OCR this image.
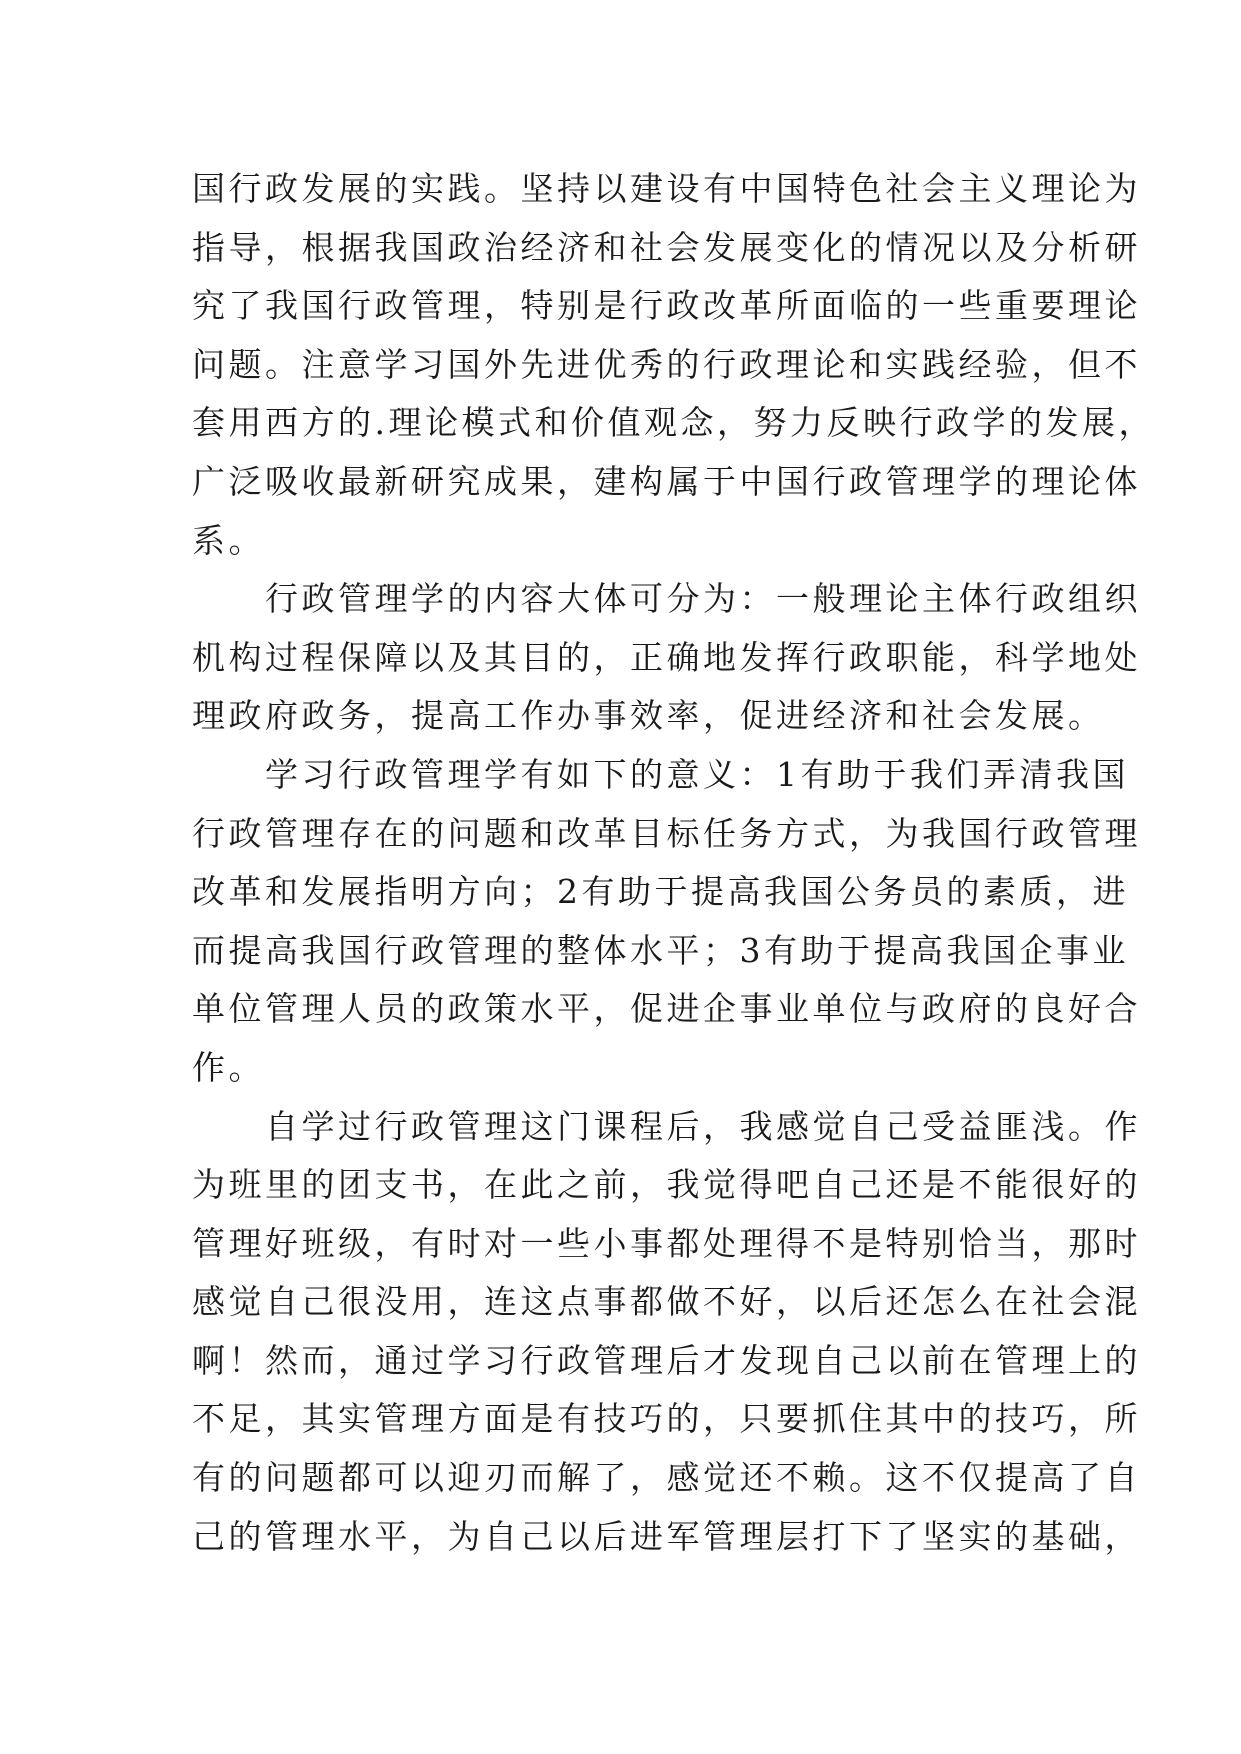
国行政发展的实践。坚持以建设有中国特色社会主义理论为
指导，根据我国政治经济和社会发展变化的情况以及分析研
究了我国行政管理，特别是行政改革所面临的一些重要理论
问题。注意学习国外先进优秀的行政理论和实践经验，但不
套用西方的.理论模式和价值观念，努力反映行政学的发展，
广泛吸收最新研究成果，建构属于中国行政管理学的理论体
系。
　　行政管理学的内容大体可分为：一般理论主体行政组织
机构过程保障以及其目的，正确地发挥行政职能，科学地处
理政府政务，提高工作办事效率，促进经济和社会发展。
　　学习行政管理学有如下的意义：1有助于我们弄清我国
行政管理存在的问题和改革目标任务方式，为我国行政管理
改革和发展指明方向；2有助于提高我国公务员的素质，进
而提高我国行政管理的整体水平；3有助于提高我国企事业
单位管理人员的政策水平，促进企事业单位与政府的良好合
作。
　　自学过行政管理这门课程后，我感觉自己受益匪浅。作
为班里的团支书，在此之前，我觉得吧自己还是不能很好的
管理好班级，有时对一些小事都处理得不是特别恰当，那时
感觉自己很没用，连这点事都做不好，以后还怎么在社会混
啊！然而，通过学习行政管理后才发现自己以前在管理上的
不足，其实管理方面是有技巧的，只要抓住其中的技巧，所
有的问题都可以迎刃而解了，感觉还不赖。这不仅提高了自
己的管理水平，为自己以后进军管理层打下了坚实的基础，
